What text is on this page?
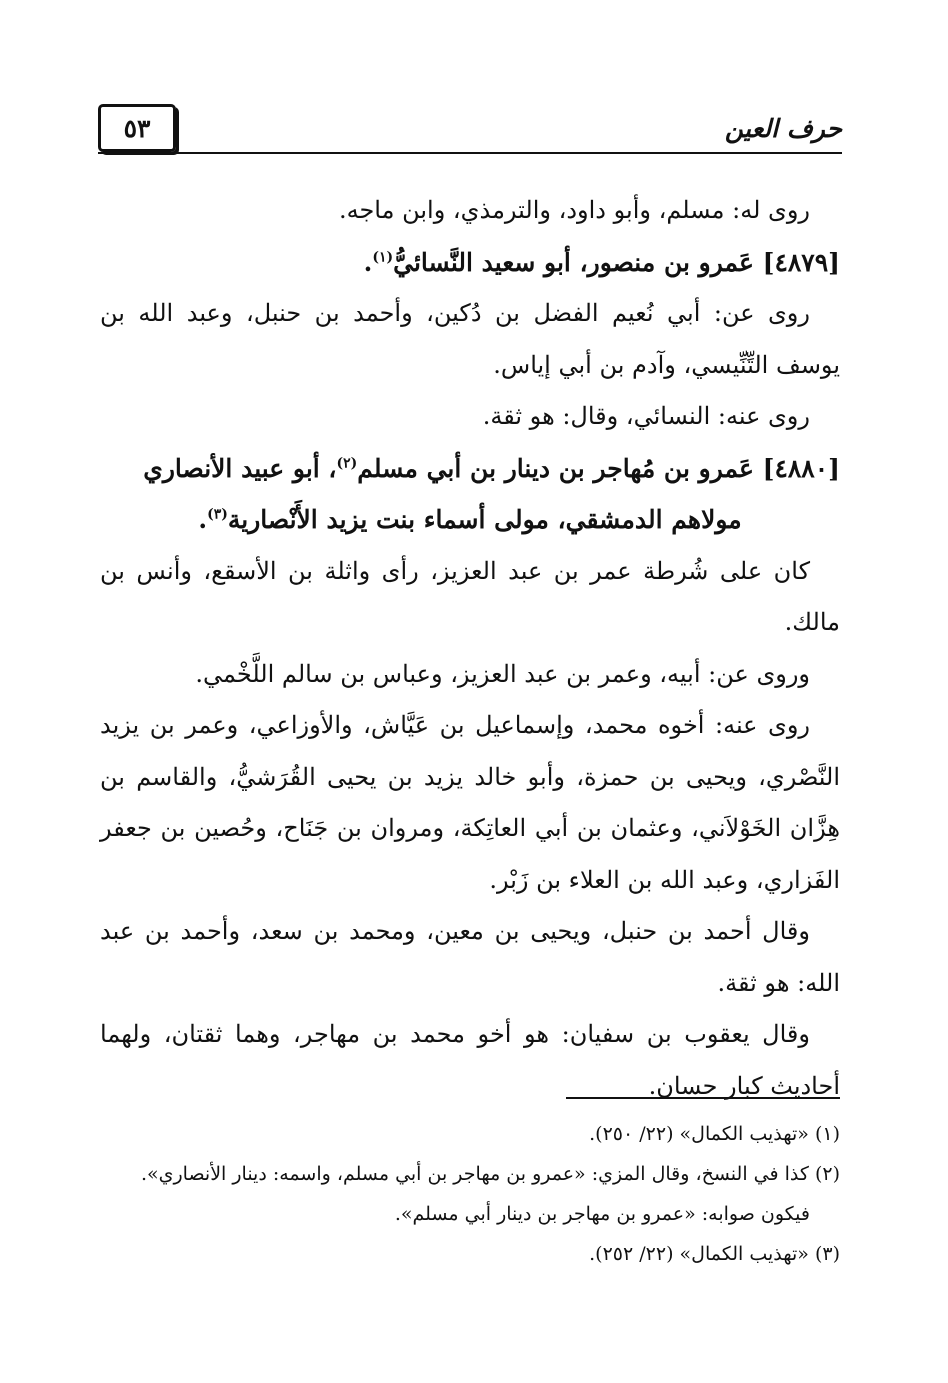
٥٣	حرف العين

روى له: مسلم، وأبو داود، والترمذي، وابن ماجه.

[٤٨٧٩] عَمرو بن منصور، أبو سعيد النَّسائيُّ$^{(١)}$.

روى عن: أبي نُعيم الفضل بن دُكين، وأحمد بن حنبل، وعبد الله بن يوسف التِّنِّيسي، وآدم بن أبي إياس.

روى عنه: النسائي، وقال: هو ثقة.

[٤٨٨٠] عَمرو بن مُهاجر بن دينار بن أبي مسلم$^{(٢)}$، أبو عبيد الأنصاري

مولاهم الدمشقي، مولى أسماء بنت يزيد الأَنْصارية$^{(٣)}$.

كان على شُرطة عمر بن عبد العزيز، رأى واثلة بن الأسقع، وأنس بن مالك.

وروى عن: أبيه، وعمر بن عبد العزيز، وعباس بن سالم اللَّخْمي.

روى عنه: أخوه محمد، وإسماعيل بن عَيَّاش، والأوزاعي، وعمر بن يزيد النَّصْري، ويحيى بن حمزة، وأبو خالد يزيد بن يحيى القُرَشيُّ، والقاسم بن هِزَّان الخَوْلاَني، وعثمان بن أبي العاتِكة، ومروان بن جَنَاح، وحُصين بن جعفر الفَزاري، وعبد الله بن العلاء بن زَبْر.

وقال أحمد بن حنبل، ويحيى بن معين، ومحمد بن سعد، وأحمد بن عبد الله: هو ثقة.

وقال يعقوب بن سفيان: هو أخو محمد بن مهاجر، وهما ثقتان، ولهما أحاديث كبار حسان.

(١) «تهذيب الكمال» (٢٢/ ٢٥٠).

(٢) كذا في النسخ، وقال المزي: «عمرو بن مهاجر بن أبي مسلم، واسمه: دينار الأنصاري».

فيكون صوابه: «عمرو بن مهاجر بن دينار أبي مسلم».

(٣) «تهذيب الكمال» (٢٢/ ٢٥٢).
